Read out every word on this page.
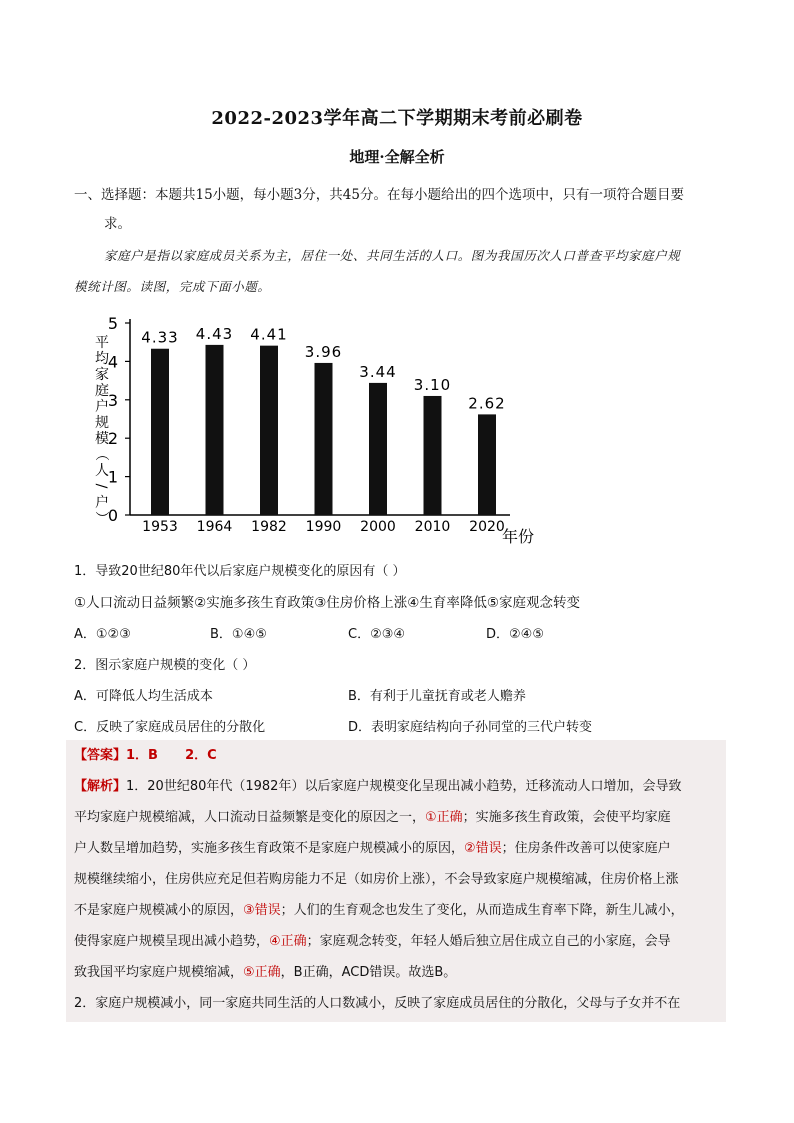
2022-2023学年高二下学期期末考前必刷卷
地理·全解全析
一、选择题：本题共15小题，每小题3分，共45分。在每小题给出的四个选项中，只有一项符合题目要
求。
家庭户是指以家庭成员关系为主，居住一处、共同生活的人口。图为我国历次人口普查平均家庭户规
模统计图。读图，完成下面小题。
0
1
2
3
4
5
平
均
家
庭
户
规
模
（
人
/
户
）
4.33
1953
4.43
1964
4.41
1982
3.96
1990
3.44
2000
3.10
2010
2.62
2020
年份
1．导致20世纪80年代以后家庭户规模变化的原因有（ ）
①人口流动日益频繁②实施多孩生育政策③住房价格上涨④生育率降低⑤家庭观念转变
A．①②③	B．①④⑤	C．②③④	D．②④⑤
2．图示家庭户规模的变化（ ）
A．可降低人均生活成本	B．有利于儿童抚育或老人赡养
C．反映了家庭成员居住的分散化	D．表明家庭结构向子孙同堂的三代户转变
【答案】1．B      2．C
【解析】1．20世纪80年代（1982年）以后家庭户规模变化呈现出减小趋势，迁移流动人口增加，会导致
平均家庭户规模缩减，人口流动日益频繁是变化的原因之一，①正确；实施多孩生育政策，会使平均家庭
户人数呈增加趋势，实施多孩生育政策不是家庭户规模减小的原因，②错误；住房条件改善可以使家庭户
规模继续缩小，住房供应充足但若购房能力不足（如房价上涨），不会导致家庭户规模缩减，住房价格上涨
不是家庭户规模减小的原因，③错误；人们的生育观念也发生了变化，从而造成生育率下降，新生儿减小，
使得家庭户规模呈现出减小趋势，④正确；家庭观念转变，年轻人婚后独立居住成立自己的小家庭，会导
致我国平均家庭户规模缩减，⑤正确，B正确，ACD错误。故选B。
2．家庭户规模减小，同一家庭共同生活的人口数减小，反映了家庭成员居住的分散化，父母与子女并不在
